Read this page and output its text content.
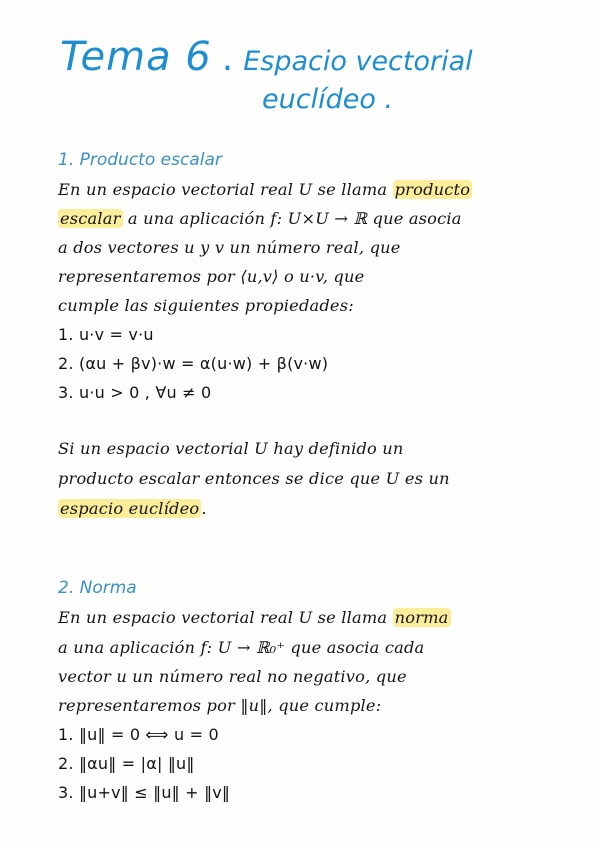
Tema 6 . Espacio vectorial
euclídeo .
1. Producto escalar
En un espacio vectorial real U se llama producto
escalar a una aplicación f: U×U → ℝ que asocia
a dos vectores u y v un número real, que
representaremos por ⟨u,v⟩ o u·v, que
cumple las siguientes propiedades:
1. u·v = v·u
2. (αu + βv)·w = α(u·w) + β(v·w)
3. u·u > 0 , ∀u ≠ 0
Si un espacio vectorial U hay definido un
producto escalar entonces se dice que U es un
espacio euclídeo .
2. Norma
En un espacio vectorial real U se llama norma
a una aplicación f: U → ℝ₀⁺ que asocia cada
vector u un número real no negativo, que
representaremos por ‖u‖, que cumple:
1. ‖u‖ = 0 ⟺ u = 0
2. ‖αu‖ = |α| ‖u‖
3. ‖u+v‖ ≤ ‖u‖ + ‖v‖
